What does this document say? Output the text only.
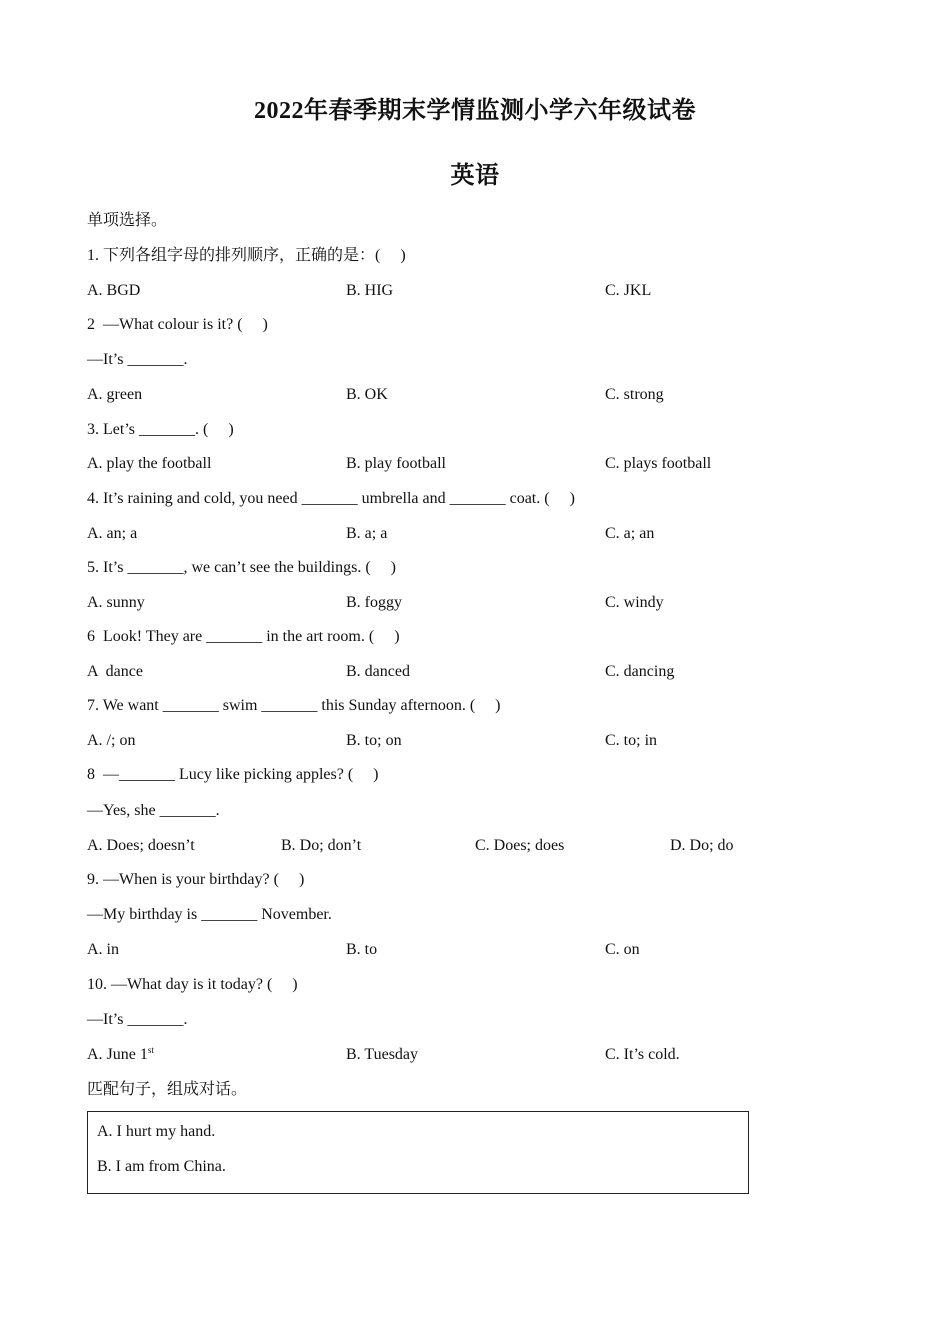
2022年春季期末学情监测小学六年级试卷
英语
单项选择。
1. 下列各组字母的排列顺序，正确的是：(     )
A. BGD	B. HIG	C. JKL
2  —What colour is it? (     )
—It’s _______.
A. green	B. OK	C. strong
3. Let’s _______. (     )
A. play the football	B. play football	C. plays football
4. It’s raining and cold, you need _______ umbrella and _______ coat. (     )
A. an; a	B. a; a	C. a; an
5. It’s _______, we can’t see the buildings. (     )
A. sunny	B. foggy	C. windy
6  Look! They are _______ in the art room. (     )
A  dance	B. danced	C. dancing
7. We want _______ swim _______ this Sunday afternoon. (     )
A. /; on	B. to; on	C. to; in
8  —_______ Lucy like picking apples? (     )
—Yes, she _______.
A. Does; doesn’t	B. Do; don’t	C. Does; does	D. Do; do
9. —When is your birthday? (     )
—My birthday is _______ November.
A. in	B. to	C. on
10. —What day is it today? (     )
—It’s _______.
A. June 1st	B. Tuesday	C. It’s cold.
匹配句子，组成对话。
A. I hurt my hand.
B. I am from China.
